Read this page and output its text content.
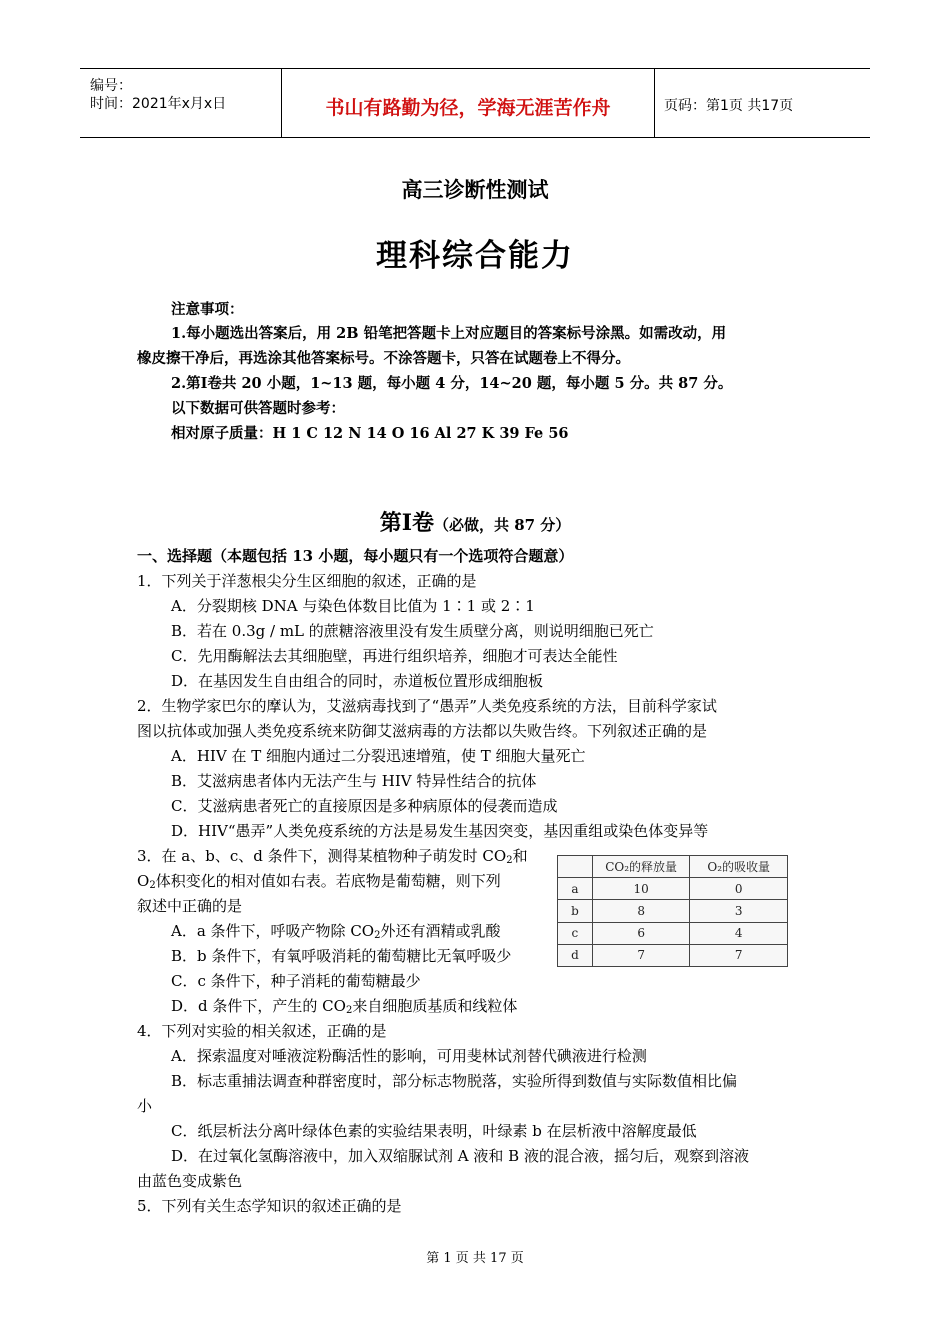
编号：
时间：2021年x月x日	书山有路勤为径，学海无涯苦作舟	页码：第1页 共17页
高三诊断性测试
理科综合能力
注意事项：
1.每小题选出答案后，用 2B 铅笔把答题卡上对应题目的答案标号涂黑。如需改动，用
橡皮擦干净后，再选涂其他答案标号。不涂答题卡，只答在试题卷上不得分。
2.第Ⅰ卷共 20 小题，1~13 题，每小题 4 分，14~20 题，每小题 5 分。共 87 分。
以下数据可供答题时参考：
相对原子质量：H 1 C 12 N 14 O 16 Al 27 K 39 Fe 56
第Ⅰ卷（必做，共 87 分）
一、选择题（本题包括 13 小题，每小题只有一个选项符合题意）
1．下列关于洋葱根尖分生区细胞的叙述，正确的是
A．分裂期核 DNA 与染色体数目比值为 1∶1 或 2∶1
B．若在 0.3g / mL 的蔗糖溶液里没有发生质壁分离，则说明细胞已死亡
C．先用酶解法去其细胞壁，再进行组织培养，细胞才可表达全能性
D．在基因发生自由组合的同时，赤道板位置形成细胞板
2．生物学家巴尔的摩认为，艾滋病毒找到了“愚弄”人类免疫系统的方法，目前科学家试
图以抗体或加强人类免疫系统来防御艾滋病毒的方法都以失败告终。下列叙述正确的是
A．HIV 在 T 细胞内通过二分裂迅速增殖，使 T 细胞大量死亡
B．艾滋病患者体内无法产生与 HIV 特异性结合的抗体
C．艾滋病患者死亡的直接原因是多种病原体的侵袭而造成
D．HIV“愚弄”人类免疫系统的方法是易发生基因突变，基因重组或染色体变异等
3．在 a、b、c、d 条件下，测得某植物种子萌发时 $CO_2$和
$O_2$体积变化的相对值如右表。若底物是葡萄糖，则下列
叙述中正确的是
A．a 条件下，呼吸产物除 $CO_2$外还有酒精或乳酸
B．b 条件下，有氧呼吸消耗的葡萄糖比无氧呼吸少
C．c 条件下，种子消耗的葡萄糖最少
D．d 条件下，产生的 $CO_2$来自细胞质基质和线粒体
	CO₂的释放量	O₂的吸收量
a	10	0
b	8	3
c	6	4
d	7	7
4．下列对实验的相关叙述，正确的是
A．探索温度对唾液淀粉酶活性的影响，可用斐林试剂替代碘液进行检测
B．标志重捕法调查种群密度时，部分标志物脱落，实验所得到数值与实际数值相比偏
小
C．纸层析法分离叶绿体色素的实验结果表明，叶绿素 b 在层析液中溶解度最低
D．在过氧化氢酶溶液中，加入双缩脲试剂 A 液和 B 液的混合液，摇匀后，观察到溶液
由蓝色变成紫色
5．下列有关生态学知识的叙述正确的是
第 1 页 共 17 页
